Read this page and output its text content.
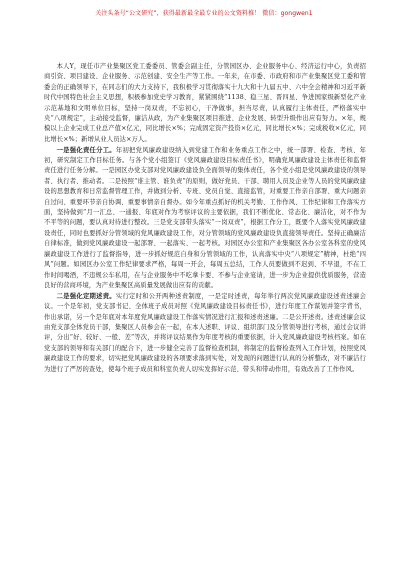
关注头条号“公文研究”，获得最新最全最专业的公文资料推！ 微信：gongwen1

本人Y，现任市产业集聚区党工委委员、管委会副主任，分管园区办、企业服务中心、经济运行中心，负责招商引资、项目建设、企业服务、示范创建、安全生产等工作。一年来，在市委、市政府和市产业集聚区党工委和管委会的正确领导下，在同志们的大力支持下，我积极学习贯彻落实十九大和十九届五中、六中全会精神和习近平新时代中国特色社会主义思想，积极参加党史学习教育，紧紧围绕“1138、稳三星、晋四星、争进国家级新型化产业示范基地和文明单位目标，坚持一岗双责，不忘初心，干净做事，担当尽责，认真履行主体责任，严格落实中央“八项规定”，主动接受监督，廉洁从政，为产业集聚区项目推进、企业发展、转型升级作出应有努力。×年，规模以上企业完成工业总产值×亿元，同比增长×%；完成固定资产投资×亿元，同比增长×%；完成税收×亿元，同比增长×%；新增从业人员达×万人。

一是强化责任分工。年初把党风廉政建设纳入到党建工作和业务重点工作之中，统一部署、检查、考核、年初，研究制定工作目标任务。与各个党小组签订《党风廉政建设目标责任书》，明确党风廉政建设主体责任和监督责任进行任务分解。一是园区办党支部对党风廉政建设负全面领导的集体责任，各个党小组是党风廉政建设的领导者、执行者、推动者。二是按照“谁主管、谁负责”的原则，做好党员、干部、聘用人员及企业等人员的党风廉政建设的思想教育和日常监督管理工作，并做到分析、专班、党员自觉、直接监管，对重要工作亲自部署、重大问题亲自过问、重要环节亲自协调、重要事情亲自督办。如今年重点抓好的机关考勤、工作作风、工作纪律和工作落实方面，坚持做到“月一汇总、一通报、年底对作为考察评议的主要依据，我们不断优化、常态化、廉洁化，对不作为不平等的问题，要认真对待进行整改。三是党支部带头落实“一岗双责”，根据工作分工，既要个人落实党风廉政建设责任，同时也要抓好分管领域的党风廉政建设工作，对分管领域的党风廉政建设负直接领导责任。坚持正确廉洁自律标准，做到党风廉政建设一起部署、一起落实、一起考核。对园区办公室和产业集聚区各办公室各科室的党风廉政建设工作进行了监督指导，进一步抓好规范自身和分管领域的工作，认真落实中央“八项规定”精神，杜绝“四风”问题。如园区办公室工作纪律要求严格，每周一开会，每周五总结，工作人员要做到不迟到、不早退，不在工作时间喝酒，不违规公车私用，在与企业服务中不吃拿卡要、不参与企业宴请，进一步为企业提供优质服务，营造良好的营商环境，为产业集聚区高质量发展做出应有的贡献。

二是强化定期述责。实行定时和公开两种述责制度，一是定时述责，每年举行两次党风廉政建设述责述廉会议。一个是年初，党支部书记、全体班子成员对照《党风廉政建设目标责任书》，进行年度工作谋划并签字背书，作出承诺，另一个是年底对本年度党风廉政建设工作落实情况进行汇报和述责述廉。二是公开述责。述责述廉会议由党支部全体党员干部，集聚区人员参会在一起，在本人述职、评议、组织部门及分管领导进行考核，通过会议讲评，分出“好、较好、一般、差”等次，并将评议结果作为年度考核的重要依据，计入党风廉政建设考核档案。如在党支部的领导和有关部门的配合下，进一步健全完善了监督检查机制，将制定的监督检查列入工作计划，按照党风廉政建设工作的要求，切实把党风廉政建设的各项要求落到实处，对发现的问题进行认真的分析整改，对不廉洁行为进行了严厉的查处，使每个班子成员和科室负责人切实发挥好示范、带头和带动作用，有效改善了工作作风。
